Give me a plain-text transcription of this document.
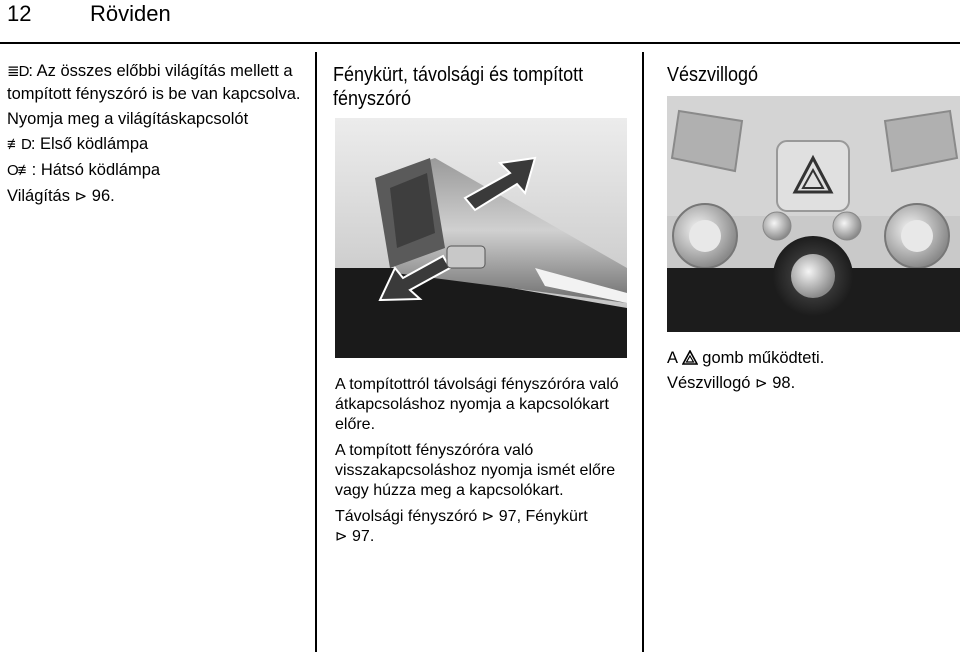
12	Röviden

≣D: Az összes előbbi világítás mellett a tompított fényszóró is be van kapcsolva.

Nyomja meg a világításkapcsolót

≢D: Első ködlámpa

O≢: Hátsó ködlámpa

Világítás ⊳ 96.

Fénykürt, távolsági és tompított fényszóró

A tompítottról távolsági fényszóróra való átkapcsoláshoz nyomja a kapcsolókart előre.

A tompított fényszóróra való visszakapcsoláshoz nyomja ismét előre vagy húzza meg a kapcsolókart.

Távolsági fényszóró ⊳ 97, Fénykürt
⊳ 97.

Vészvillogó

A gomb működteti.

Vészvillogó ⊳ 98.
